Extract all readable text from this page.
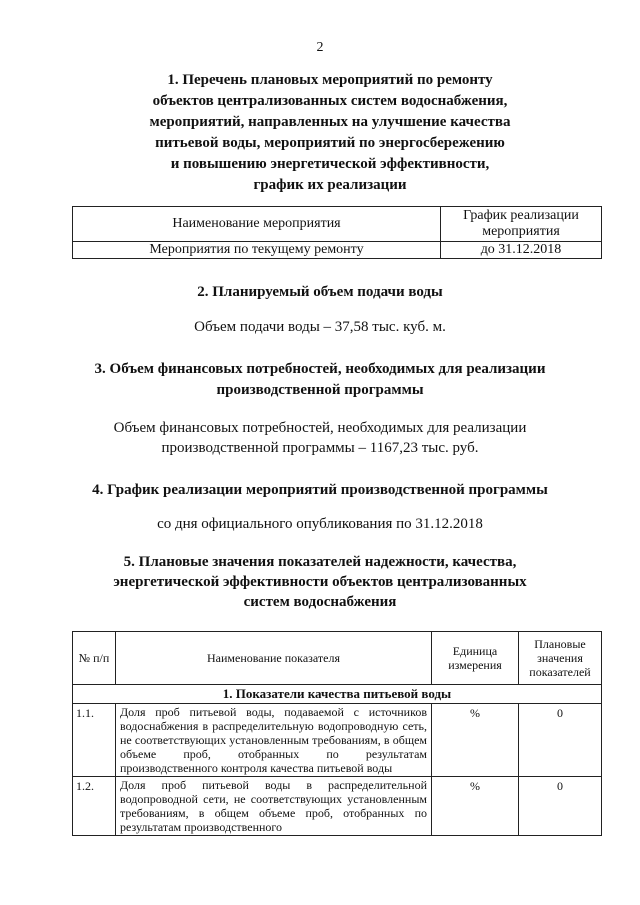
2
1. Перечень плановых мероприятий по ремонту
объектов централизованных систем водоснабжения,
мероприятий, направленных на улучшение качества
питьевой воды, мероприятий по энергосбережению
и повышению энергетической эффективности,
график их реализации
Наименование мероприятия	График реализации мероприятия
Мероприятия по текущему ремонту	до 31.12.2018
2. Планируемый объем подачи воды
Объем подачи воды – 37,58 тыс. куб. м.
3. Объем финансовых потребностей, необходимых для реализации
производственной программы
Объем финансовых потребностей, необходимых для реализации
производственной программы – 1167,23 тыс. руб.
4. График реализации мероприятий производственной программы
со дня официального опубликования по 31.12.2018
5. Плановые значения показателей надежности, качества,
энергетической эффективности объектов централизованных
систем водоснабжения
№ п/п	Наименование показателя	Единица измерения	Плановые значения показателей
1. Показатели качества питьевой воды			
1.1.	Доля проб питьевой воды, подаваемой с источников водоснабжения в распределительную водопроводную сеть, не соответствующих установленным требованиям, в общем объеме проб, отобранных по результатам производственного контроля качества питьевой воды	%	0
1.2.	Доля проб питьевой воды в распределительной водопроводной сети, не соответствующих установленным требованиям, в общем объеме проб, отобранных по результатам производственного	%	0
